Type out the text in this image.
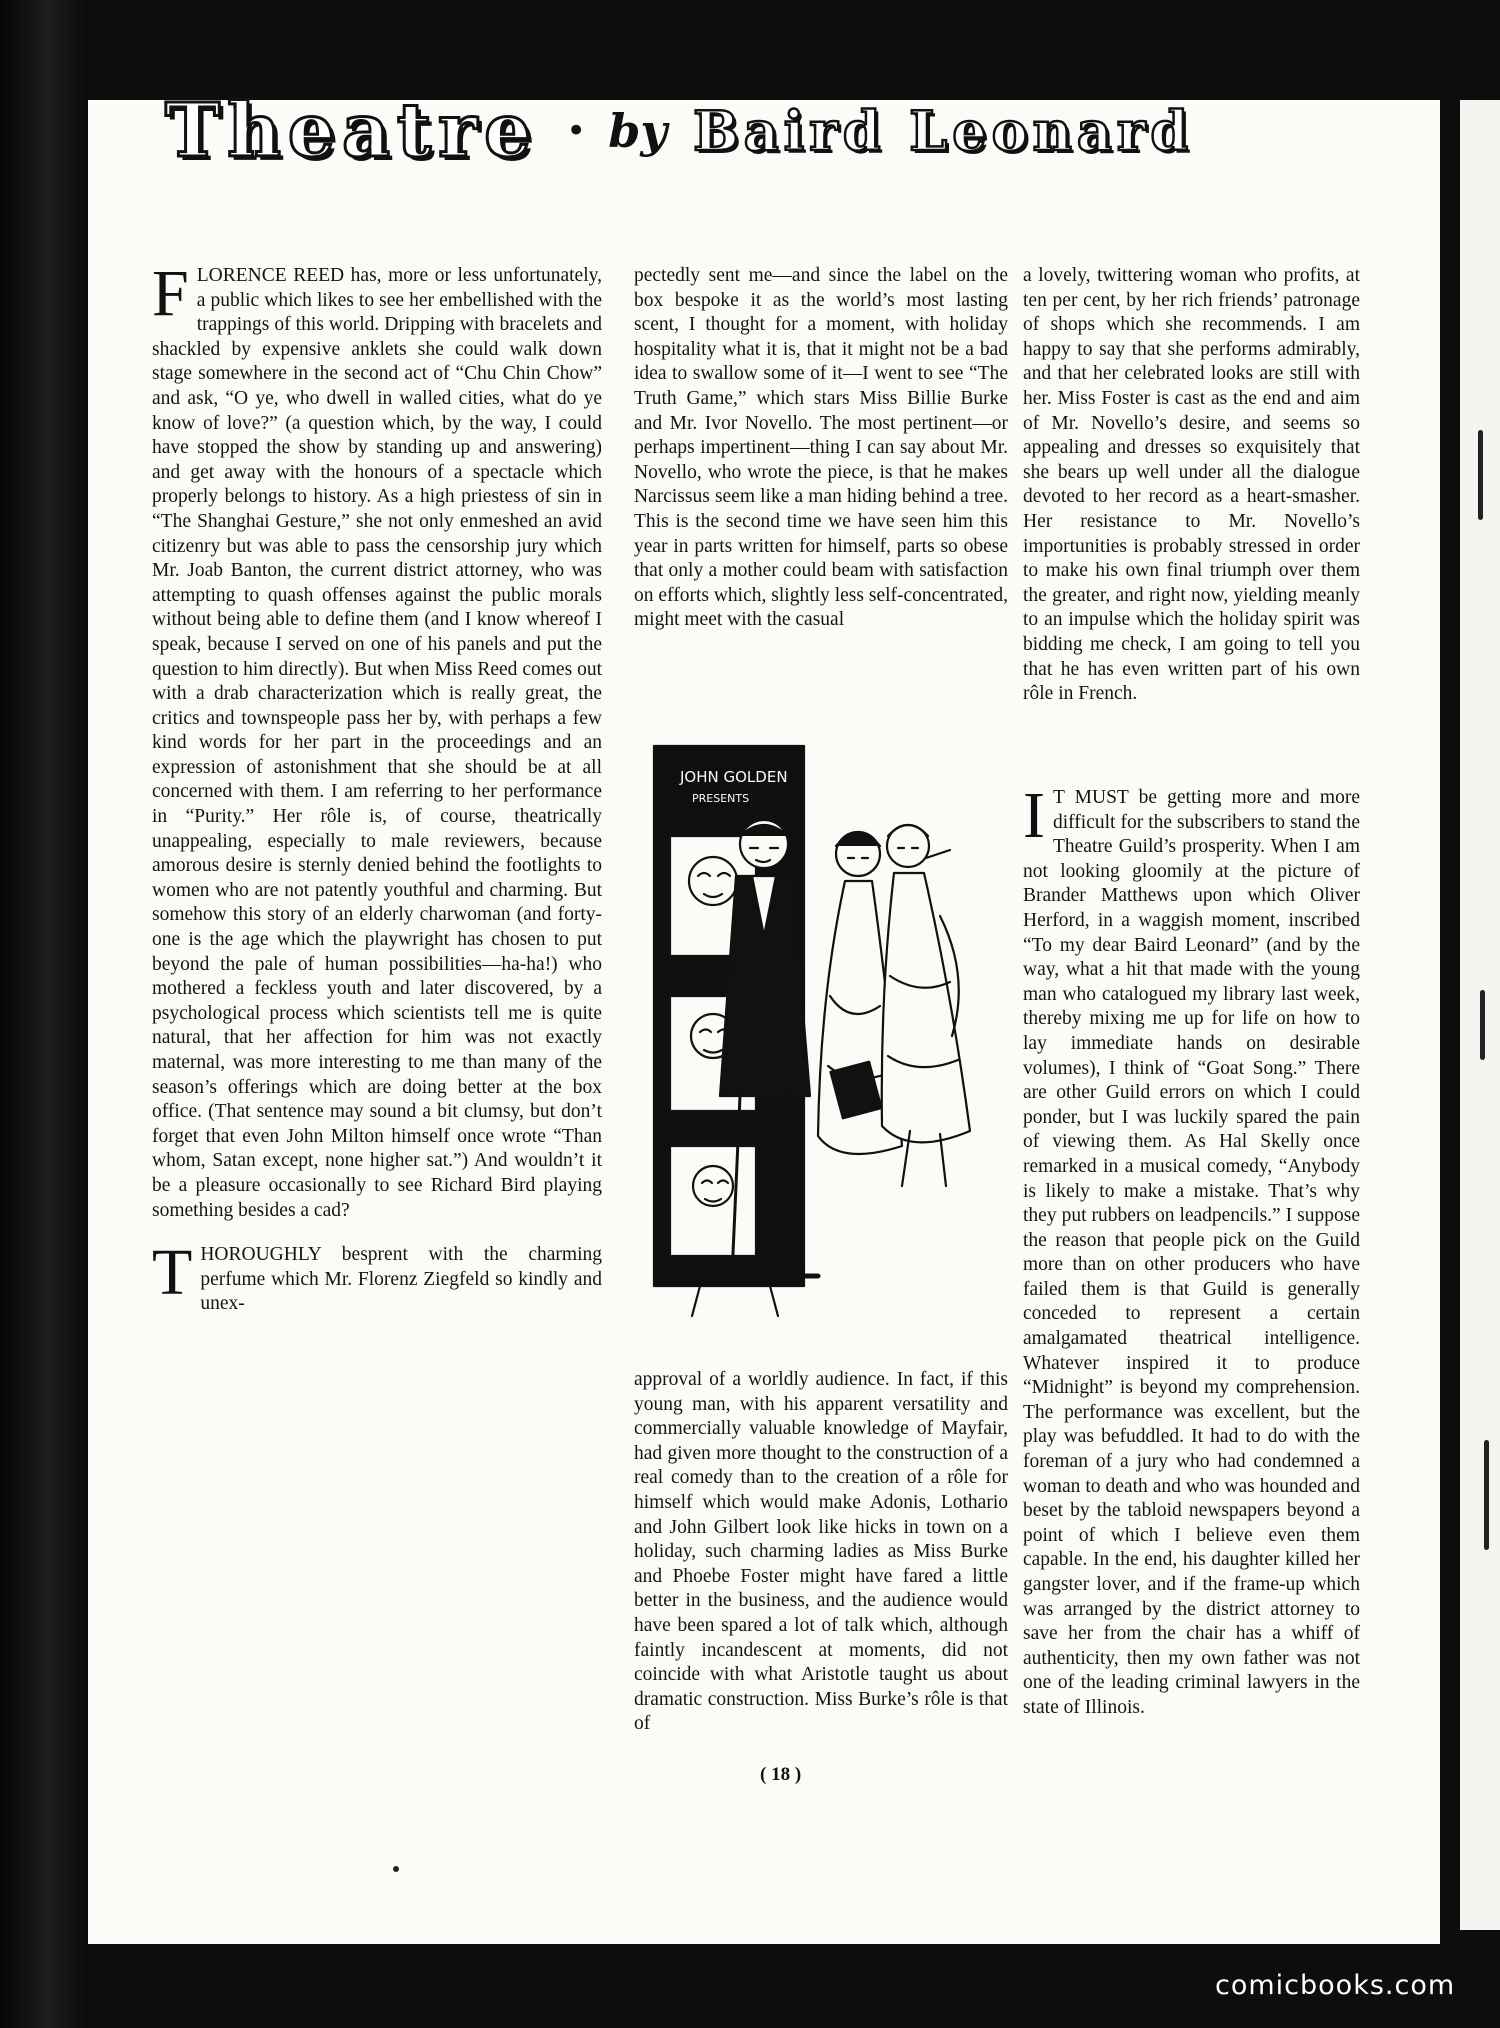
Theatre • by Baird Leonard

FLORENCE REED has, more or less unfortunately, a public which likes to see her embellished with the trappings of this world. Dripping with bracelets and shackled by expensive anklets she could walk down stage somewhere in the second act of “Chu Chin Chow” and ask, “O ye, who dwell in walled cities, what do ye know of love?” (a question which, by the way, I could have stopped the show by standing up and answering) and get away with the honours of a spectacle which properly belongs to history. As a high priestess of sin in “The Shanghai Gesture,” she not only enmeshed an avid citizenry but was able to pass the censorship jury which Mr. Joab Banton, the current district attorney, who was attempting to quash offenses against the public morals without being able to define them (and I know whereof I speak, because I served on one of his panels and put the question to him directly). But when Miss Reed comes out with a drab characterization which is really great, the critics and townspeople pass her by, with perhaps a few kind words for her part in the proceedings and an expression of astonishment that she should be at all concerned with them. I am referring to her performance in “Purity.” Her rôle is, of course, theatrically unappealing, especially to male reviewers, because amorous desire is sternly denied behind the footlights to women who are not patently youthful and charming. But somehow this story of an elderly charwoman (and forty-one is the age which the playwright has chosen to put beyond the pale of human possibilities—ha-ha!) who mothered a feckless youth and later discovered, by a psychological process which scientists tell me is quite natural, that her affection for him was not exactly maternal, was more interesting to me than many of the season’s offerings which are doing better at the box office. (That sentence may sound a bit clumsy, but don’t forget that even John Milton himself once wrote “Than whom, Satan except, none higher sat.”) And wouldn’t it be a pleasure occasionally to see Richard Bird playing something besides a cad?

THOROUGHLY besprent with the charming perfume which Mr. Florenz Ziegfeld so kindly and unex-

pectedly sent me—and since the label on the box bespoke it as the world’s most lasting scent, I thought for a moment, with holiday hospitality what it is, that it might not be a bad idea to swallow some of it—I went to see “The Truth Game,” which stars Miss Billie Burke and Mr. Ivor Novello. The most pertinent—or perhaps impertinent—thing I can say about Mr. Novello, who wrote the piece, is that he makes Narcissus seem like a man hiding behind a tree. This is the second time we have seen him this year in parts written for himself, parts so obese that only a mother could beam with satisfaction on efforts which, slightly less self-concentrated, might meet with the casual

JOHN GOLDEN
PRESENTS

approval of a worldly audience. In fact, if this young man, with his apparent versatility and commercially valuable knowledge of Mayfair, had given more thought to the construction of a real comedy than to the creation of a rôle for himself which would make Adonis, Lothario and John Gilbert look like hicks in town on a holiday, such charming ladies as Miss Burke and Phoebe Foster might have fared a little better in the business, and the audience would have been spared a lot of talk which, although faintly incandescent at moments, did not coincide with what Aristotle taught us about dramatic construction. Miss Burke’s rôle is that of

a lovely, twittering woman who profits, at ten per cent, by her rich friends’ patronage of shops which she recommends. I am happy to say that she performs admirably, and that her celebrated looks are still with her. Miss Foster is cast as the end and aim of Mr. Novello’s desire, and seems so appealing and dresses so exquisitely that she bears up well under all the dialogue devoted to her record as a heart-smasher. Her resistance to Mr. Novello’s importunities is probably stressed in order to make his own final triumph over them the greater, and right now, yielding meanly to an impulse which the holiday spirit was bidding me check, I am going to tell you that he has even written part of his own rôle in French.

I T MUST be getting more and more difficult for the subscribers to stand the Theatre Guild’s prosperity. When I am not looking gloomily at the picture of Brander Matthews upon which Oliver Herford, in a waggish moment, inscribed “To my dear Baird Leonard” (and by the way, what a hit that made with the young man who catalogued my library last week, thereby mixing me up for life on how to lay immediate hands on desirable volumes), I think of “Goat Song.” There are other Guild errors on which I could ponder, but I was luckily spared the pain of viewing them. As Hal Skelly once remarked in a musical comedy, “Anybody is likely to make a mistake. That’s why they put rubbers on leadpencils.” I suppose the reason that people pick on the Guild more than on other producers who have failed them is that Guild is generally conceded to represent a certain amalgamated theatrical intelligence. Whatever inspired it to produce “Midnight” is beyond my comprehension. The performance was excellent, but the play was befuddled. It had to do with the foreman of a jury who had condemned a woman to death and who was hounded and beset by the tabloid newspapers beyond a point of which I believe even them capable. In the end, his daughter killed her gangster lover, and if the frame-up which was arranged by the district attorney to save her from the chair has a whiff of authenticity, then my own father was not one of the leading criminal lawyers in the state of Illinois.

( 18 )
comicbooks.com
